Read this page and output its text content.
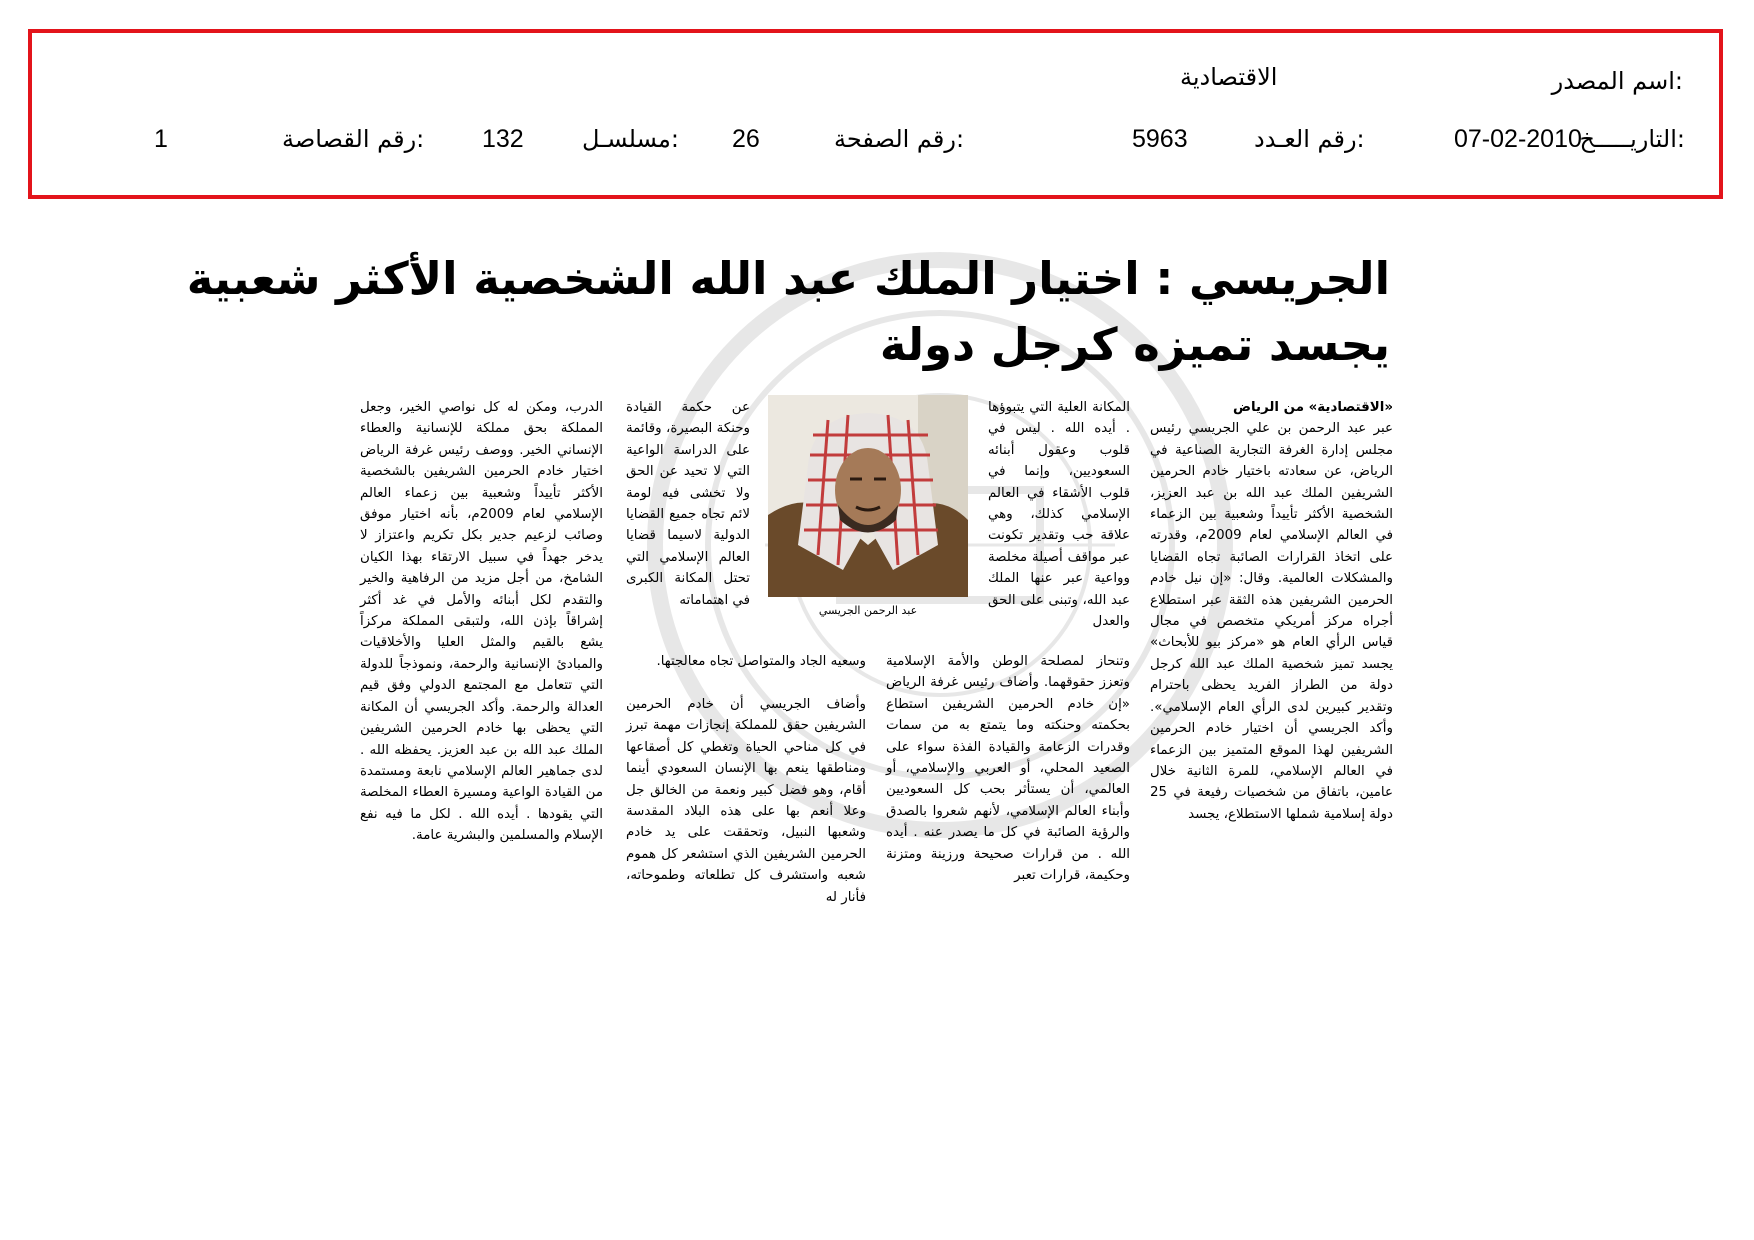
اسم المصدر:
الاقتصادية
التاريـــــخ:
07-02-2010
رقم العـدد:
5963
رقم الصفحة:
26
مسلسـل:
132
رقم القصاصة:
1
الجريسي : اختيار الملك عبد الله الشخصية الأكثر شعبية
يجسد تميزه كرجل دولة

«الاقتصادية» من الرياض

عبر عبد الرحمن بن علي الجريسي رئيس مجلس إدارة الغرفة التجارية الصناعية في الرياض، عن سعادته باختيار خادم الحرمين الشريفين الملك عبد الله بن عبد العزيز، الشخصية الأكثر تأييداً وشعبية بين الزعماء في العالم الإسلامي لعام 2009م، وقدرته على اتخاذ القرارات الصائبة تجاه القضايا والمشكلات العالمية. وقال: «إن نيل خادم الحرمين الشريفين هذه الثقة عبر استطلاع أجراه مركز أمريكي متخصص في مجال قياس الرأي العام هو «مركز بيو للأبحاث» يجسد تميز شخصية الملك عبد الله كرجل دولة من الطراز الفريد يحظى باحترام وتقدير كبيرين لدى الرأي العام الإسلامي». وأكد الجريسي أن اختيار خادم الحرمين الشريفين لهذا الموقع المتميز بين الزعماء في العالم الإسلامي، للمرة الثانية خلال عامين، باتفاق من شخصيات رفيعة في 25 دولة إسلامية شملها الاستطلاع، يجسد

المكانة العلية التي يتبوؤها . أيده الله . ليس في قلوب وعقول أبنائه السعوديين، وإنما في قلوب الأشقاء في العالم الإسلامي كذلك، وهي علاقة حب وتقدير تكونت عبر مواقف أصيلة مخلصة وواعية عبر عنها الملك عبد الله، وتبنى على الحق والعدل

عبد الرحمن الجريسي

وتنحاز لمصلحة الوطن والأمة الإسلامية وتعزز حقوقهما. وأضاف رئيس غرفة الرياض «إن خادم الحرمين الشريفين استطاع بحكمته وحنكته وما يتمتع به من سمات وقدرات الزعامة والقيادة الفذة سواء على الصعيد المحلي، أو العربي والإسلامي، أو العالمي، أن يستأثر بحب كل السعوديين وأبناء العالم الإسلامي، لأنهم شعروا بالصدق والرؤية الصائبة في كل ما يصدر عنه . أيده الله . من قرارات صحيحة ورزينة ومتزنة وحكيمة، قرارات تعبر

وسعيه الجاد والمتواصل تجاه معالجتها.

عن حكمة القيادة وحنكة البصيرة، وقائمة على الدراسة الواعية التي لا تحيد عن الحق ولا تخشى فيه لومة لائم تجاه جميع القضايا الدولية لاسيما قضايا العالم الإسلامي التي تحتل المكانة الكبرى في اهتماماته

وأضاف الجريسي أن خادم الحرمين الشريفين حقق للمملكة إنجازات مهمة تبرز في كل مناحي الحياة وتغطي كل أصقاعها ومناطقها ينعم بها الإنسان السعودي أينما أقام، وهو فضل كبير ونعمة من الخالق جل وعلا أنعم بها على هذه البلاد المقدسة وشعبها النبيل، وتحققت على يد خادم الحرمين الشريفين الذي استشعر كل هموم شعبه واستشرف كل تطلعاته وطموحاته، فأنار له

الدرب، ومكن له كل نواصي الخير، وجعل المملكة بحق مملكة للإنسانية والعطاء الإنساني الخير. ووصف رئيس غرفة الرياض اختيار خادم الحرمين الشريفين بالشخصية الأكثر تأييداً وشعبية بين زعماء العالم الإسلامي لعام 2009م، بأنه اختيار موفق وصائب لزعيم جدير بكل تكريم واعتزاز لا يدخر جهداً في سبيل الارتقاء بهذا الكيان الشامخ، من أجل مزيد من الرفاهية والخير والتقدم لكل أبنائه والأمل في غد أكثر إشراقاً بإذن الله، ولتبقى المملكة مركزاً يشع بالقيم والمثل العليا والأخلاقيات والمبادئ الإنسانية والرحمة، ونموذجاً للدولة التي تتعامل مع المجتمع الدولي وفق قيم العدالة والرحمة. وأكد الجريسي أن المكانة التي يحظى بها خادم الحرمين الشريفين الملك عبد الله بن عبد العزيز. يحفظه الله . لدى جماهير العالم الإسلامي نابعة ومستمدة من القيادة الواعية ومسيرة العطاء المخلصة التي يقودها . أيده الله . لكل ما فيه نفع الإسلام والمسلمين والبشرية عامة.
